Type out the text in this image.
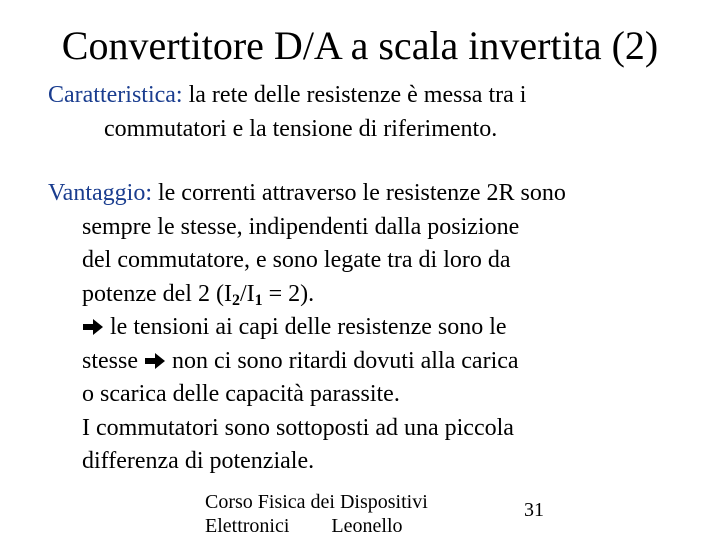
Convertitore D/A a scala invertita (2)

Caratteristica: la rete delle resistenze è messa tra i
commutatori e la tensione di riferimento.

Vantaggio: le correnti attraverso le resistenze 2R sono
sempre le stesse, indipendenti dalla posizione
del commutatore, e sono legate tra di loro da
potenze del 2 $(I_2/I_1 = 2)$.
le tensioni ai capi delle resistenze sono le
stesse
non ci sono ritardi dovuti alla carica
o scarica delle capacità parassite.
I commutatori sono sottoposti ad una piccola
differenza di potenziale.

Corso Fisica dei Dispositivi
Elettronici Leonello
31
